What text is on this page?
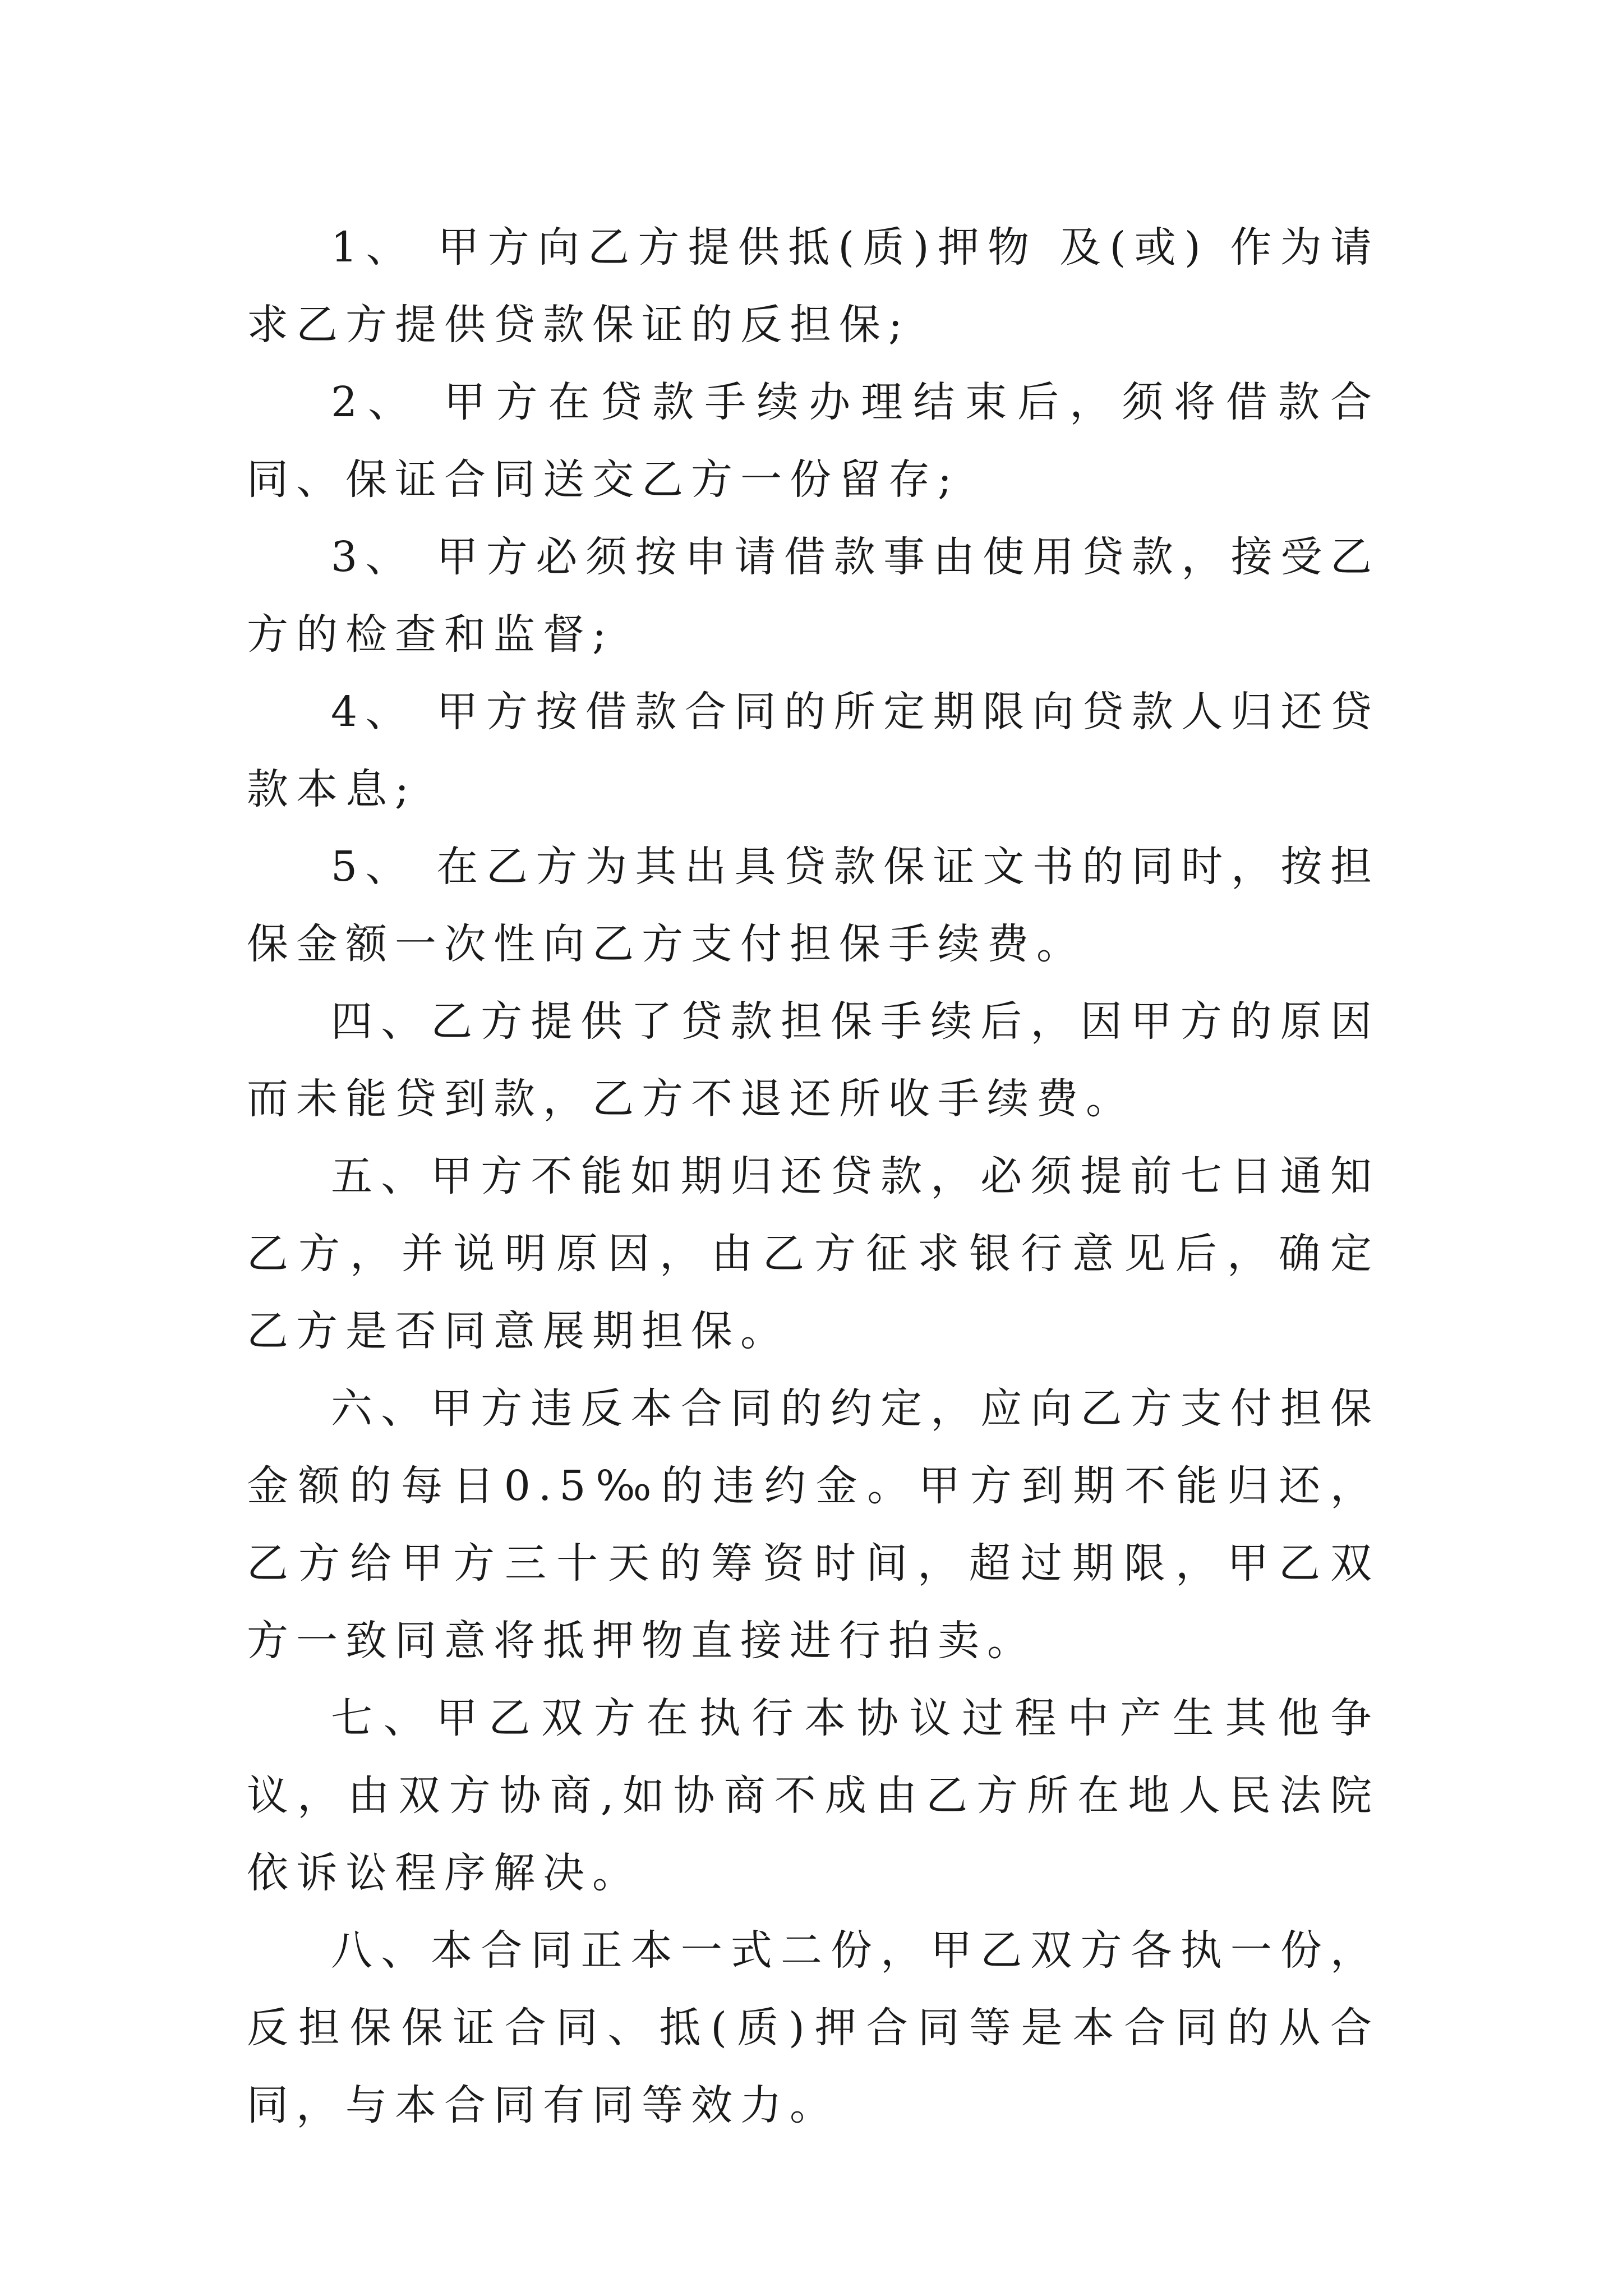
1、 甲方向乙方提供抵(质)押物 及(或) 作为请求乙方提供贷款保证的反担保;

2、 甲方在贷款手续办理结束后，须将借款合同、保证合同送交乙方一份留存;

3、 甲方必须按申请借款事由使用贷款，接受乙方的检查和监督;

4、 甲方按借款合同的所定期限向贷款人归还贷款本息;

5、 在乙方为其出具贷款保证文书的同时，按担保金额一次性向乙方支付担保手续费。

四、乙方提供了贷款担保手续后，因甲方的原因而未能贷到款，乙方不退还所收手续费。

五、甲方不能如期归还贷款，必须提前七日通知乙方，并说明原因，由乙方征求银行意见后，确定乙方是否同意展期担保。

六、甲方违反本合同的约定，应向乙方支付担保金额的每日0.5‰的违约金。甲方到期不能归还，乙方给甲方三十天的筹资时间，超过期限，甲乙双方一致同意将抵押物直接进行拍卖。

七、甲乙双方在执行本协议过程中产生其他争议，由双方协商,如协商不成由乙方所在地人民法院依诉讼程序解决。

八、本合同正本一式二份，甲乙双方各执一份，反担保保证合同、抵(质)押合同等是本合同的从合同，与本合同有同等效力。
